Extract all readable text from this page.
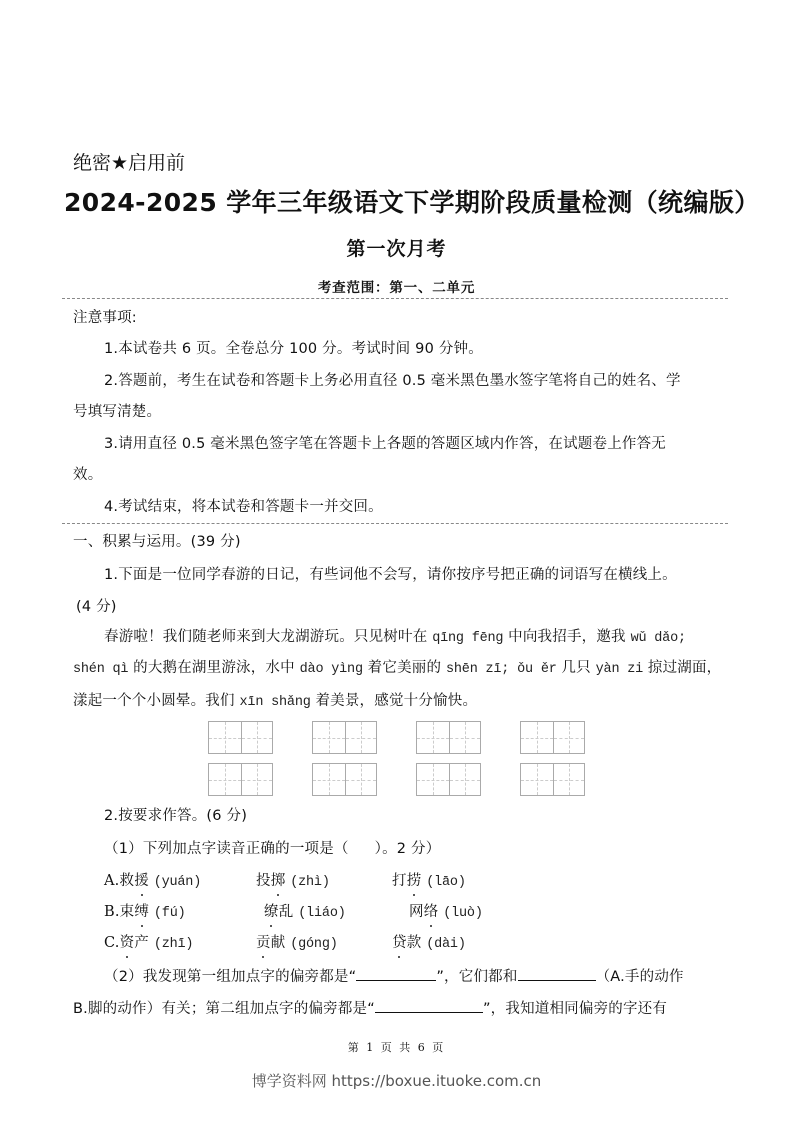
绝密★启用前
2024-2025 学年三年级语文下学期阶段质量检测（统编版）
第一次月考
考查范围：第一、二单元
注意事项:
1.本试卷共 6 页。全卷总分 100 分。考试时间 90 分钟。
2.答题前，考生在试卷和答题卡上务必用直径 0.5 毫米黑色墨水签字笔将自己的姓名、学
号填写清楚。
3.请用直径 0.5 毫米黑色签字笔在答题卡上各题的答题区域内作答，在试题卷上作答无
效。
4.考试结束，将本试卷和答题卡一并交回。
一、积累与运用。(39 分)
1.下面是一位同学春游的日记，有些词他不会写，请你按序号把正确的词语写在横线上。
(4 分)
春游啦！我们随老师来到大龙湖游玩。只见树叶在 qīng fēng 中向我招手，邀我 wǔ dǎo;
shén qì 的大鹅在湖里游泳，水中 dào yìng 着它美丽的 shēn zī; ǒu ěr 几只 yàn zi 掠过湖面，
漾起一个个小圆晕。我们 xīn shǎng 着美景，感觉十分愉快。
2.按要求作答。(6 分)
（1）下列加点字读音正确的一项是（ ）。2 分）
A.救援 (yuán)	投掷 (zhì)	打捞 (lāo)
B.束缚 (fú)	缭乱 (liáo)	网络 (luò)
C.资产 (zhī)	贡献 (góng)	贷款 (dài)
（2）我发现第一组加点字的偏旁都是“	”，它们都和	（A.手的动作
B.脚的动作）有关；第二组加点字的偏旁都是“	”，我知道相同偏旁的字还有
第 1 页 共 6 页
博学资料网 https://boxue.ituoke.com.cn
